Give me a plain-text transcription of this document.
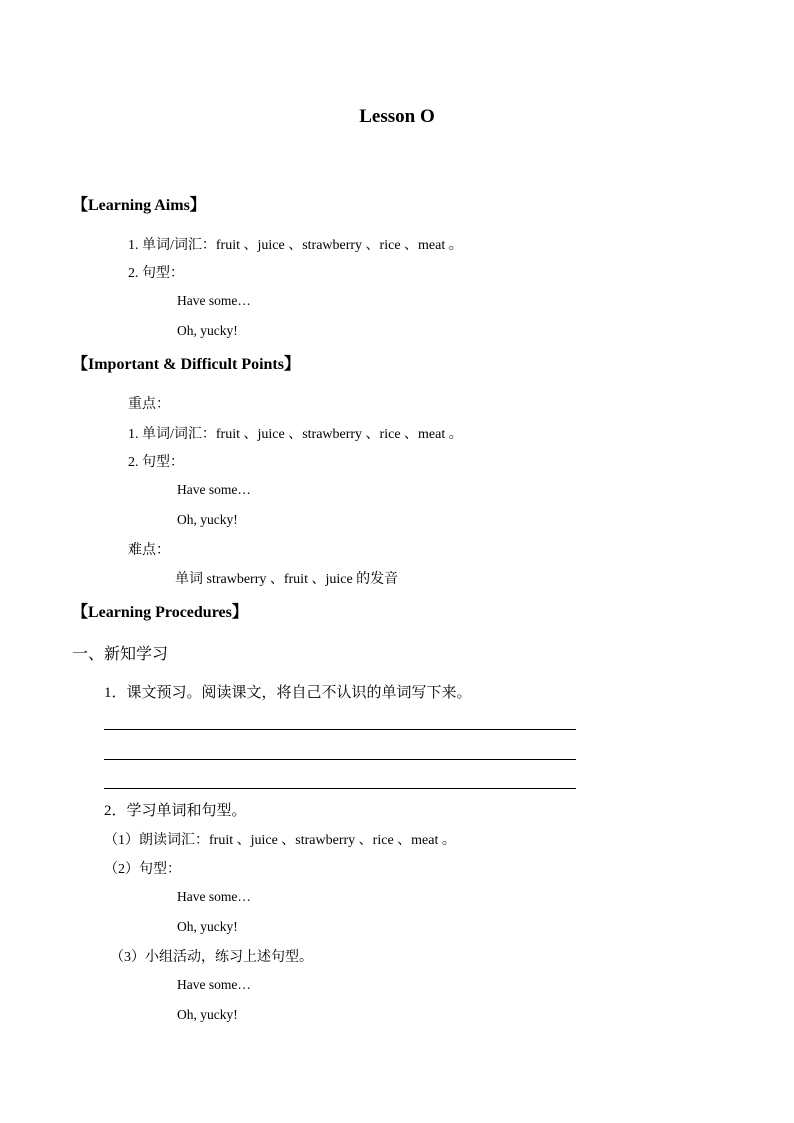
Lesson O
【Learning Aims】
1. 单词/词汇：fruit 、juice 、strawberry 、rice 、meat 。
2. 句型：
Have some…
Oh, yucky!
【Important & Difficult Points】
重点：
1. 单词/词汇：fruit 、juice 、strawberry 、rice 、meat 。
2. 句型：
Have some…
Oh, yucky!
难点：
单词 strawberry 、fruit 、juice 的发音
【Learning Procedures】
一、新知学习
1．课文预习。阅读课文，将自己不认识的单词写下来。
2．学习单词和句型。
（1）朗读词汇：fruit 、juice 、strawberry 、rice 、meat 。
（2）句型：
Have some…
Oh, yucky!
（3）小组活动，练习上述句型。
Have some…
Oh, yucky!
